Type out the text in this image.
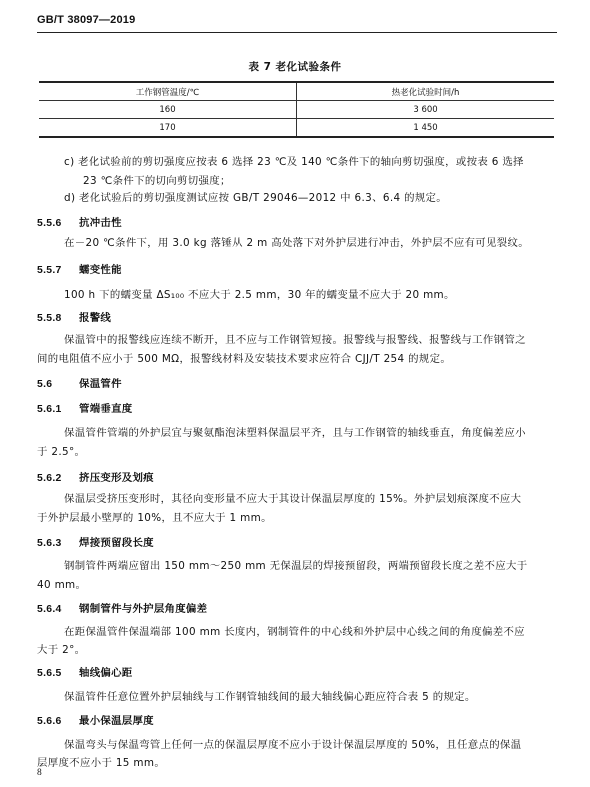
GB/T 38097—2019
表 7 老化试验条件
工作钢管温度/℃	热老化试验时间/h
160	3 600
170	1 450
c) 老化试验前的剪切强度应按表 6 选择 23 ℃及 140 ℃条件下的轴向剪切强度，或按表 6 选择
23 ℃条件下的切向剪切强度；
d) 老化试验后的剪切强度测试应按 GB/T 29046—2012 中 6.3、6.4 的规定。
5.5.6 抗冲击性
在－20 ℃条件下，用 3.0 kg 落锤从 2 m 高处落下对外护层进行冲击，外护层不应有可见裂纹。
5.5.7 蠕变性能
100 h 下的蠕变量 ΔS₁₀₀ 不应大于 2.5 mm，30 年的蠕变量不应大于 20 mm。
5.5.8 报警线
保温管中的报警线应连续不断开，且不应与工作钢管短接。报警线与报警线、报警线与工作钢管之
间的电阻值不应小于 500 MΩ，报警线材料及安装技术要求应符合 CJJ/T 254 的规定。
5.6	保温管件
5.6.1 管端垂直度
保温管件管端的外护层宜与聚氨酯泡沫塑料保温层平齐，且与工作钢管的轴线垂直，角度偏差应小
于 2.5°。
5.6.2 挤压变形及划痕
保温层受挤压变形时，其径向变形量不应大于其设计保温层厚度的 15%。外护层划痕深度不应大
于外护层最小壁厚的 10%，且不应大于 1 mm。
5.6.3 焊接预留段长度
钢制管件两端应留出 150 mm～250 mm 无保温层的焊接预留段，两端预留段长度之差不应大于
40 mm。
5.6.4 钢制管件与外护层角度偏差
在距保温管件保温端部 100 mm 长度内，钢制管件的中心线和外护层中心线之间的角度偏差不应
大于 2°。
5.6.5 轴线偏心距
保温管件任意位置外护层轴线与工作钢管轴线间的最大轴线偏心距应符合表 5 的规定。
5.6.6 最小保温层厚度
保温弯头与保温弯管上任何一点的保温层厚度不应小于设计保温层厚度的 50%，且任意点的保温
层厚度不应小于 15 mm。
8
